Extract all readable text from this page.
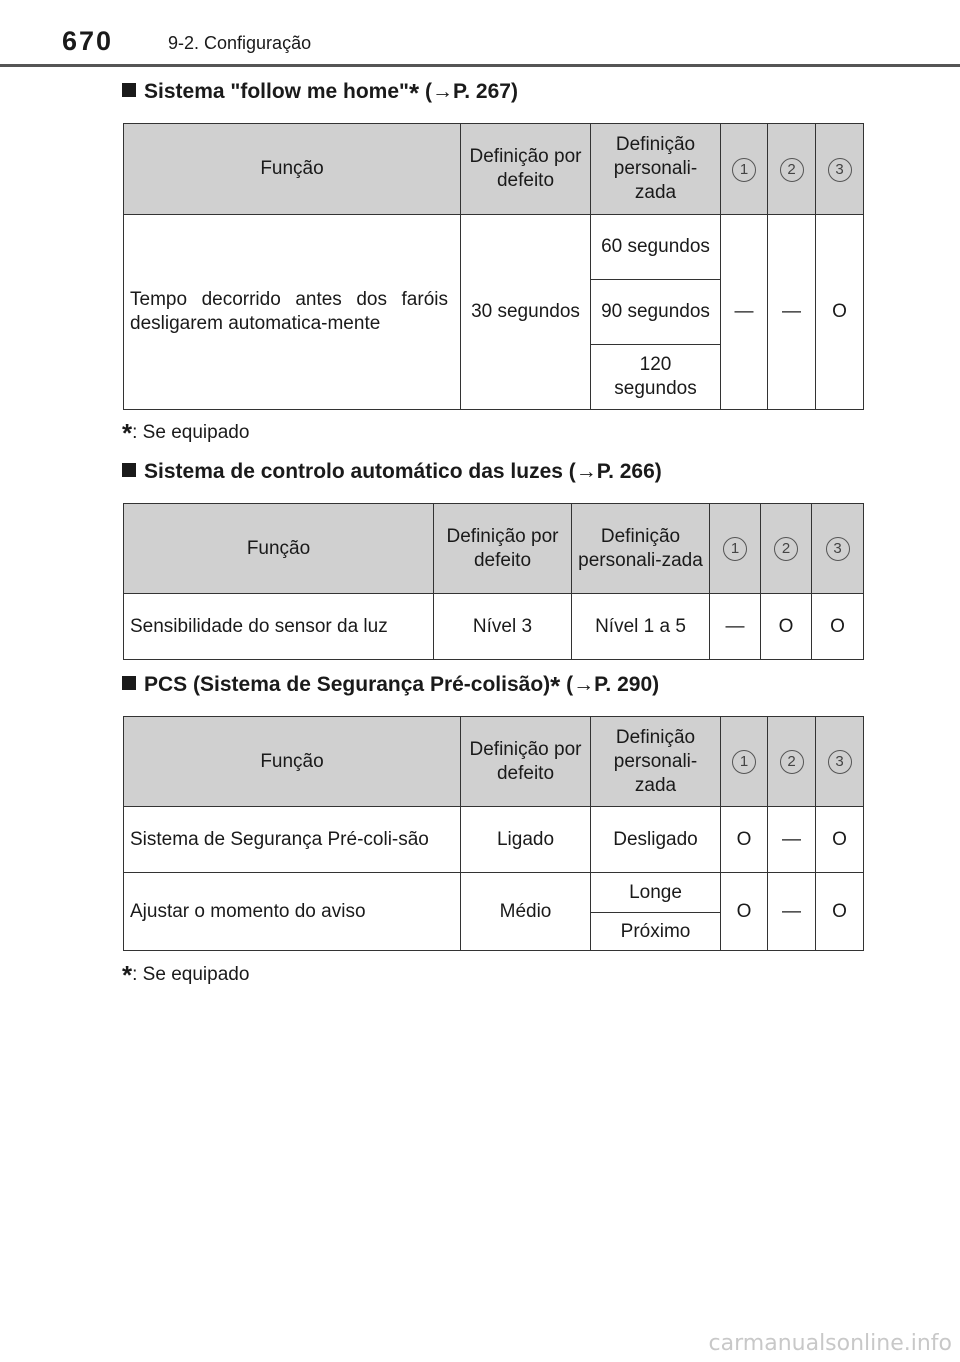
670	9-2. Configuração
Sistema "follow me home"* (→P. 267)
Função	Definição por defeito	Definição personali-zada	1	2	3
Tempo decorrido antes dos faróis desligarem automatica-mente	30 segundos	60 segundos	—	—	O
		90 segundos			
		120 segundos			
*: Se equipado
Sistema de controlo automático das luzes (→P. 266)
Função	Definição por defeito	Definição personali-zada	1	2	3
Sensibilidade do sensor da luz	Nível 3	Nível 1 a 5	—	O	O
PCS (Sistema de Segurança Pré-colisão)* (→P. 290)
Função	Definição por defeito	Definição personali-zada	1	2	3
Sistema de Segurança Pré-coli-são	Ligado	Desligado	O	—	O
Ajustar o momento do aviso	Médio	Longe	O	—	O
		Próximo			
*: Se equipado
carmanualsonline.info
